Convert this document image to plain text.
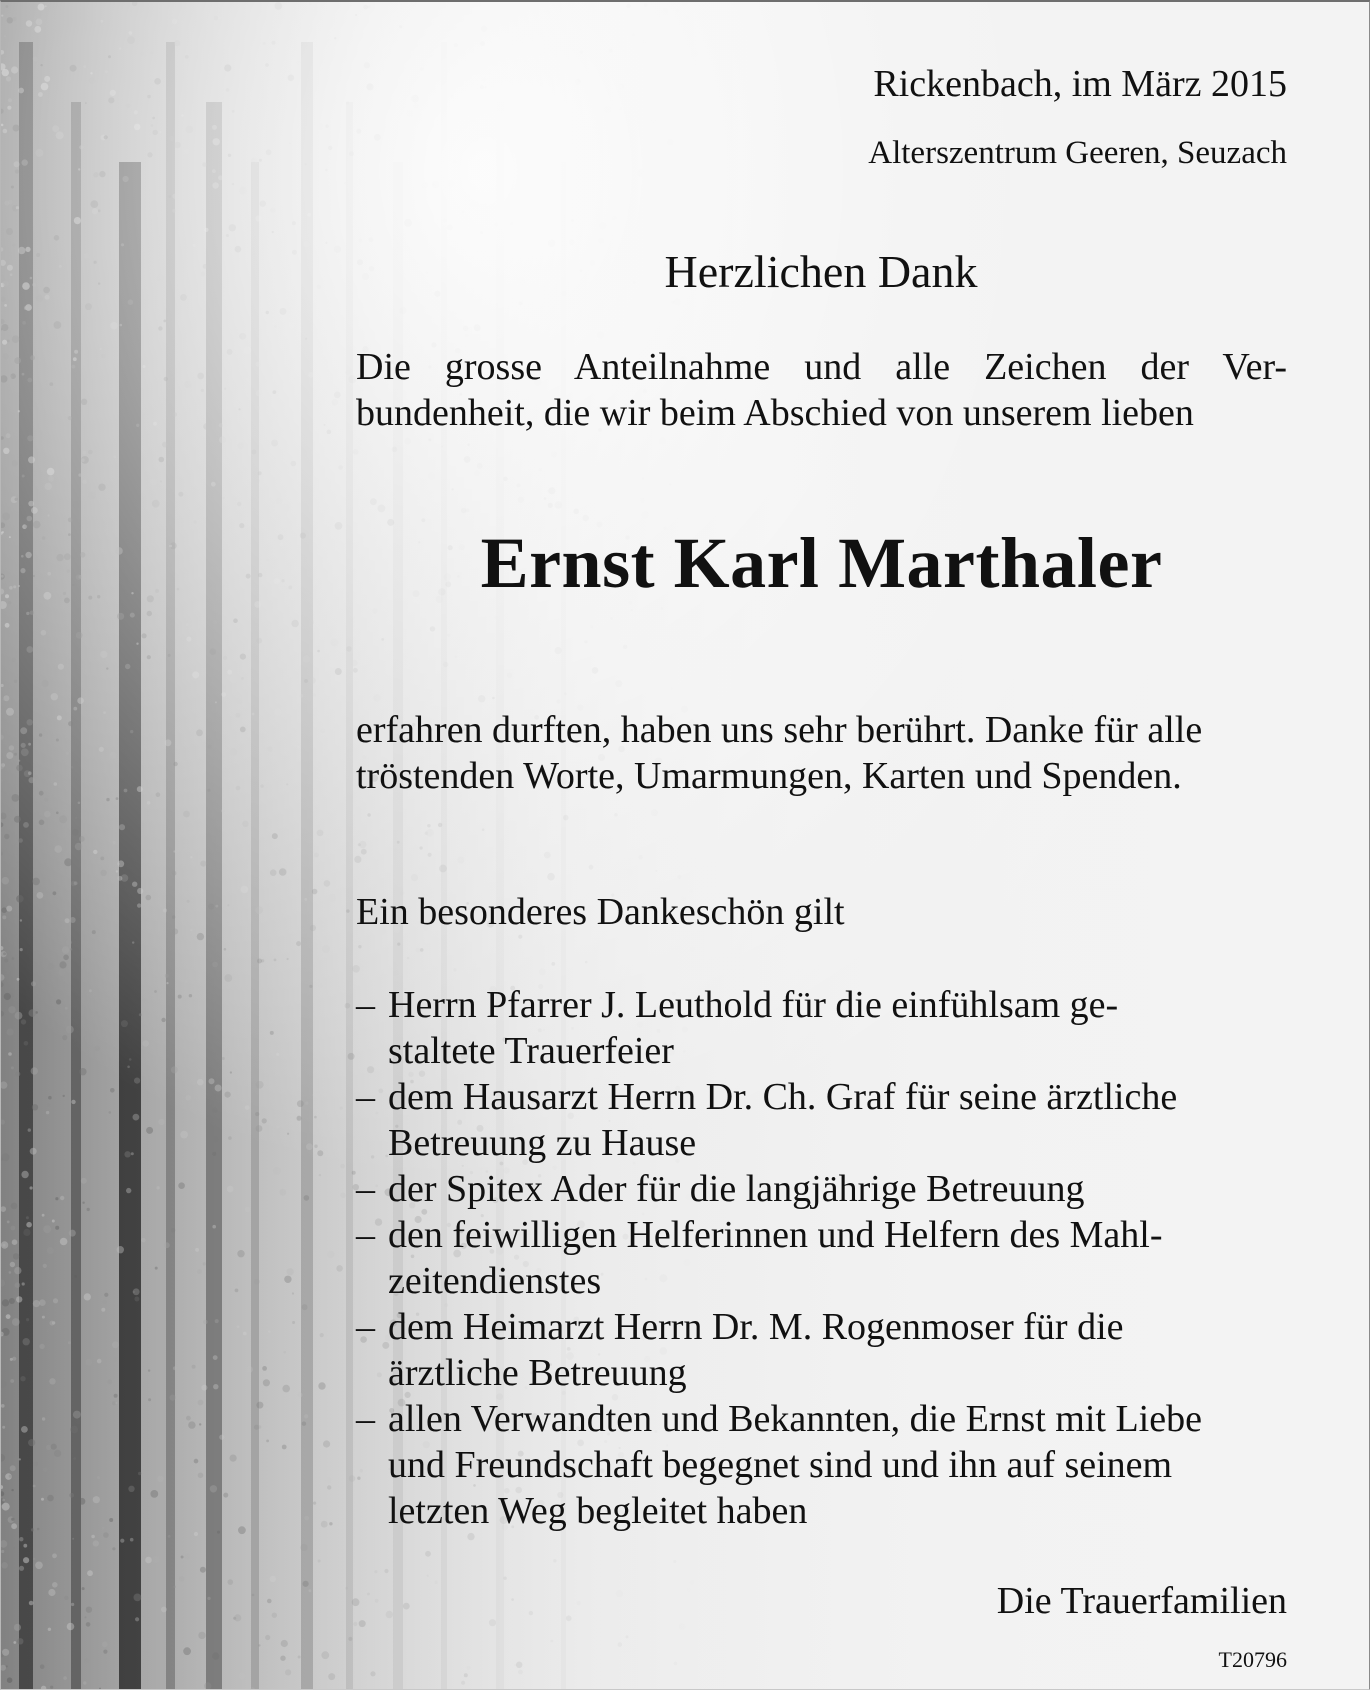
Rickenbach, im März 2015
Alterszentrum Geeren, Seuzach
Herzlichen Dank
Die grosse Anteilnahme und alle Zeichen der Ver-
bundenheit, die wir beim Abschied von unserem lieben
Ernst Karl Marthaler
erfahren durften, haben uns sehr berührt. Danke für alle
tröstenden Worte, Umarmungen, Karten und Spenden.
Ein besonderes Dankeschön gilt
– Herrn Pfarrer J. Leuthold für die einfühlsam ge-
staltete Trauerfeier
– dem Hausarzt Herrn Dr. Ch. Graf für seine ärztliche
Betreuung zu Hause
– der Spitex Ader für die langjährige Betreuung
– den feiwilligen Helferinnen und Helfern des Mahl-
zeitendienstes
– dem Heimarzt Herrn Dr. M. Rogenmoser für die
ärztliche Betreuung
– allen Verwandten und Bekannten, die Ernst mit Liebe
und Freundschaft begegnet sind und ihn auf seinem
letzten Weg begleitet haben
Die Trauerfamilien
T20796
